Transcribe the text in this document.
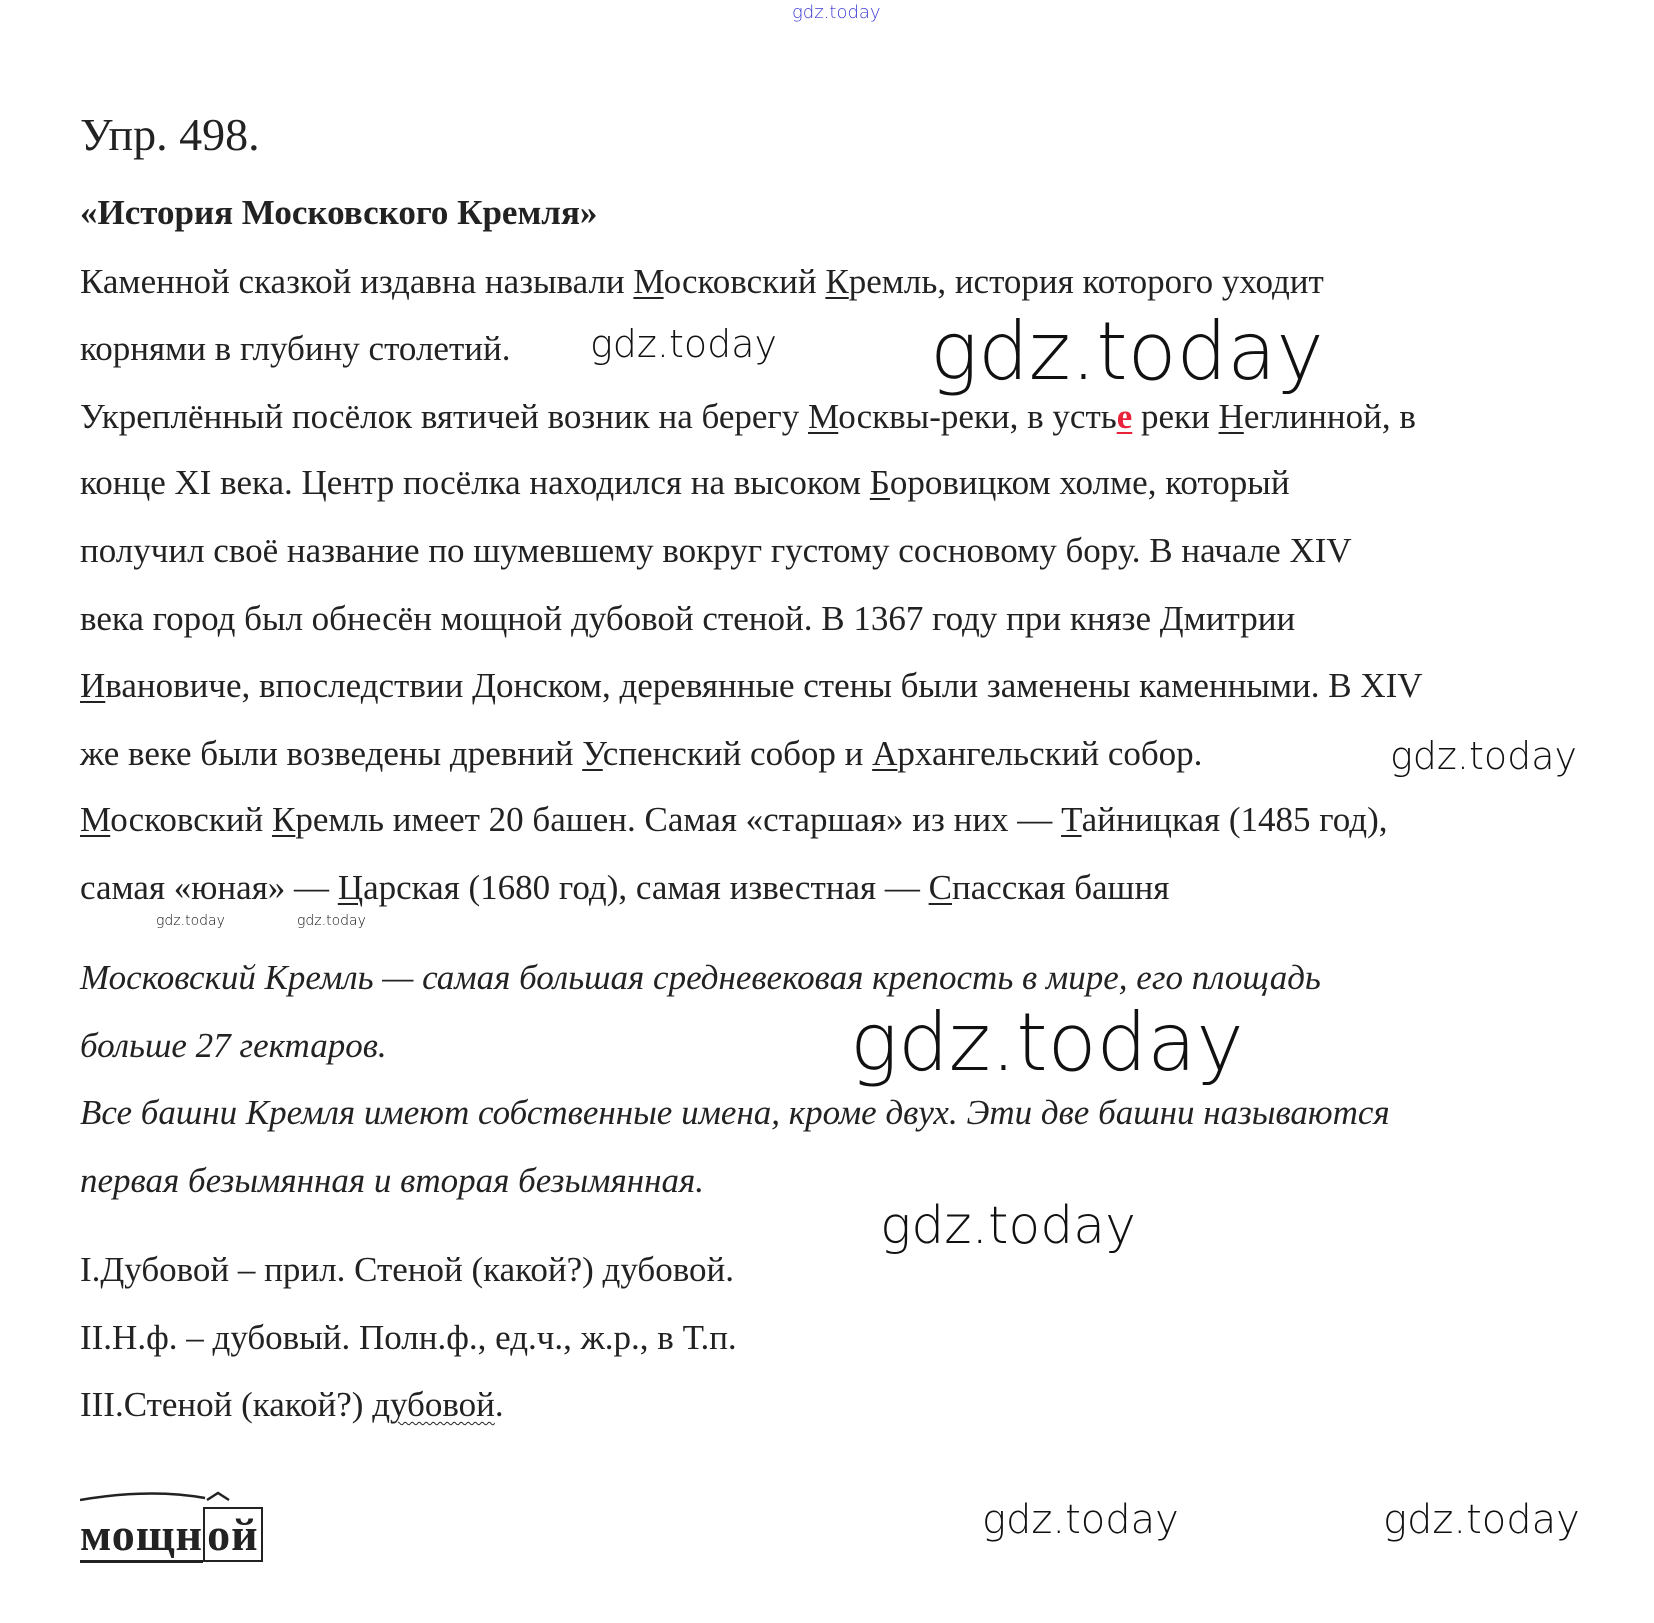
gdz.today
Упр. 498.
«История Московского Кремля»
Каменной сказкой издавна называли Московский Кремль, история которого уходит
корнями в глубину столетий.
Укреплённый посёлок вятичей возник на берегу Москвы-реки, в устье реки Неглинной, в
конце XI века. Центр посёлка находился на высоком Боровицком холме, который
получил своё название по шумевшему вокруг густому сосновому бору. В начале XIV
века город был обнесён мощной дубовой стеной. В 1367 году при князе Дмитрии
Ивановиче, впоследствии Донском, деревянные стены были заменены каменными. В XIV
же веке были возведены древний Успенский собор и Архангельский собор.
Московский Кремль имеет 20 башен. Самая «старшая» из них — Тайницкая (1485 год),
самая «юная» — Царская (1680 год), самая известная — Спасская башня
Московский Кремль — самая большая средневековая крепость в мире, его площадь
больше 27 гектаров.
Все башни Кремля имеют собственные имена, кроме двух. Эти две башни называются
первая безымянная и вторая безымянная.
I.Дубовой – прил. Стеной (какой?) дубовой.
II.Н.ф. – дубовый. Полн.ф., ед.ч., ж.р., в Т.п.
III.Стеной (какой?) дубовой.
мощной
gdz.today gdz.today
gdz.today
gdz.today	gdz.today
gdz.today
gdz.today
gdz.today	gdz.today
